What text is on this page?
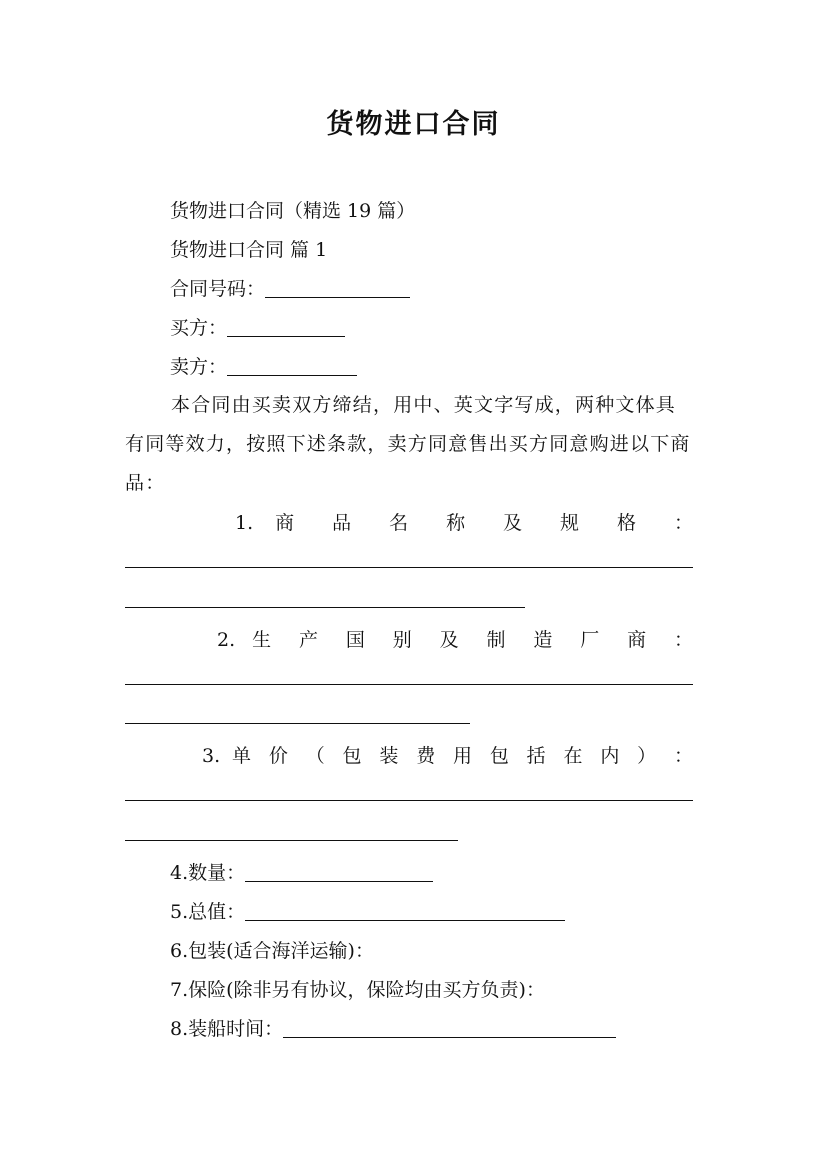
货物进口合同
货物进口合同（精选 19 篇）
货物进口合同 篇 1
合同号码：
买方：
卖方：
本合同由买卖双方缔结，用中、英文字写成，两种文体具有同等效力，按照下述条款，卖方同意售出买方同意购进以下商品：
1. 商 品 名 称 及 规 格 ：
2. 生 产 国 别 及 制 造 厂 商 ：
3. 单 价 （ 包 装 费 用 包 括 在 内 ） ：
4.数量：
5.总值：
6.包装(适合海洋运输)：
7.保险(除非另有协议，保险均由买方负责)：
8.装船时间：
